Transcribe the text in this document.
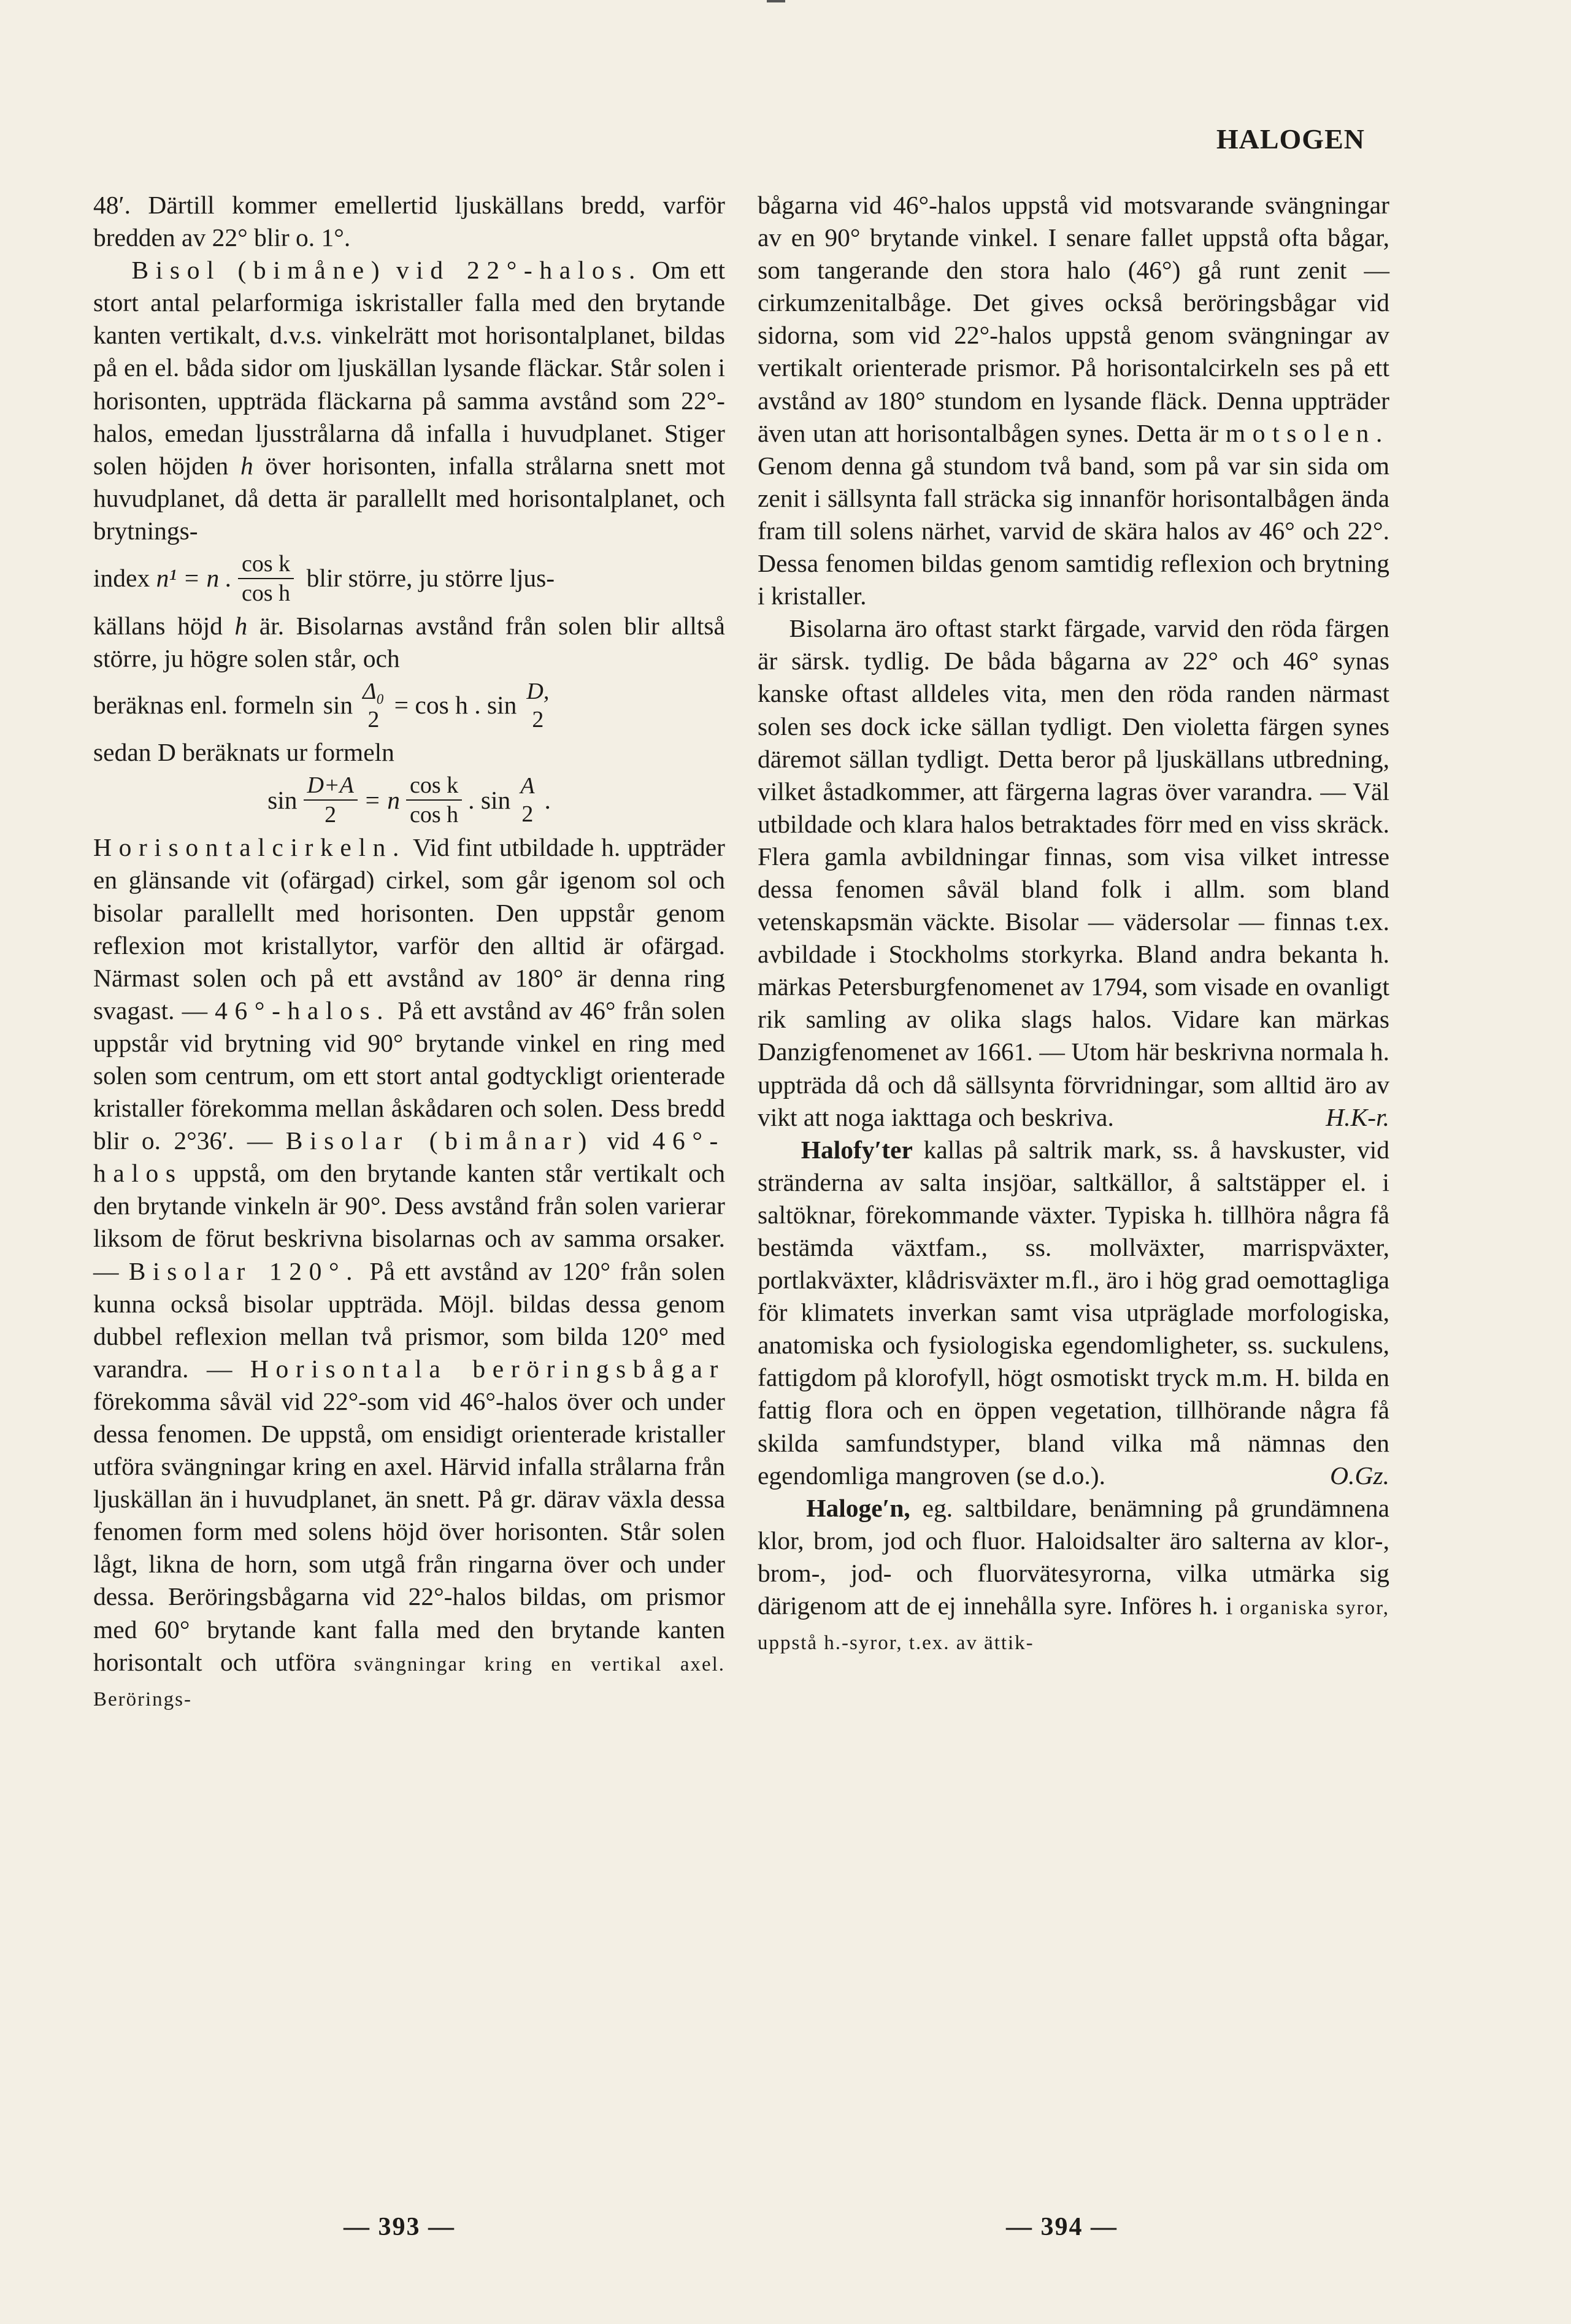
HALOGEN

48′. Därtill kommer emellertid ljuskällans bredd, varför bredden av 22° blir o. 1°.

Bisol (bimåne) vid 22°-halos. Om ett stort antal pelarformiga iskristaller falla med den brytande kanten vertikalt, d.v.s. vinkelrätt mot horisontalplanet, bildas på en el. båda sidor om ljuskällan lysande fläckar. Står solen i horisonten, uppträda fläckarna på samma avstånd som 22°-halos, emedan ljusstrålarna då infalla i huvudplanet. Stiger solen höjden h över horisonten, infalla strålarna snett mot huvudplanet, då detta är parallellt med horisontalplanet, och brytnings-

index n¹ = n . $\frac{\text{cos k}}{\text{cos h}}$ blir större, ju större ljus-

källans höjd h är. Bisolarnas avstånd från solen blir alltså större, ju högre solen står, och

beräknas enl. formeln sin Δ₀
2
= cos h . sin D,
2

sedan D beräknats ur formeln

$\sin \frac{D+A}{2} = n \frac{\text{cos k}}{\text{cos h}}$ . sin A
2
.

Horisontalcirkeln. Vid fint utbildade h. uppträder en glänsande vit (ofärgad) cirkel, som går igenom sol och bisolar parallellt med horisonten. Den uppstår genom reflexion mot kristallytor, varför den alltid är ofärgad. Närmast solen och på ett avstånd av 180° är denna ring svagast. — 46°-halos. På ett avstånd av 46° från solen uppstår vid brytning vid 90° brytande vinkel en ring med solen som centrum, om ett stort antal godtyckligt orienterade kristaller förekomma mellan åskådaren och solen. Dess bredd blir o. 2°36′. — Bisolar (bimånar) vid 46°-halos uppstå, om den brytande kanten står vertikalt och den brytande vinkeln är 90°. Dess avstånd från solen varierar liksom de förut beskrivna bisolarnas och av samma orsaker. — Bisolar 120°. På ett avstånd av 120° från solen kunna också bisolar uppträda. Möjl. bildas dessa genom dubbel reflexion mellan två prismor, som bilda 120° med varandra. — Horisontala beröringsbågar förekomma såväl vid 22°-som vid 46°-halos över och under dessa fenomen. De uppstå, om ensidigt orienterade kristaller utföra svängningar kring en axel. Härvid infalla strålarna från ljuskällan än i huvudplanet, än snett. På gr. därav växla dessa fenomen form med solens höjd över horisonten. Står solen lågt, likna de horn, som utgå från ringarna över och under dessa. Beröringsbågarna vid 22°-halos bildas, om prismor med 60° brytande kant falla med den brytande kanten horisontalt och utföra svängningar kring en vertikal axel. Berörings-

bågarna vid 46°-halos uppstå vid motsvarande svängningar av en 90° brytande vinkel. I senare fallet uppstå ofta bågar, som tangerande den stora halo (46°) gå runt zenit — cirkumzenitalbåge. Det gives också beröringsbågar vid sidorna, som vid 22°-halos uppstå genom svängningar av vertikalt orienterade prismor. På horisontalcirkeln ses på ett avstånd av 180° stundom en lysande fläck. Denna uppträder även utan att horisontalbågen synes. Detta är motsolen. Genom denna gå stundom två band, som på var sin sida om zenit i sällsynta fall sträcka sig innanför horisontalbågen ända fram till solens närhet, varvid de skära halos av 46° och 22°. Dessa fenomen bildas genom samtidig reflexion och brytning i kristaller.

Bisolarna äro oftast starkt färgade, varvid den röda färgen är särsk. tydlig. De båda bågarna av 22° och 46° synas kanske oftast alldeles vita, men den röda randen närmast solen ses dock icke sällan tydligt. Den violetta färgen synes däremot sällan tydligt. Detta beror på ljuskällans utbredning, vilket åstadkommer, att färgerna lagras över varandra. — Väl utbildade och klara halos betraktades förr med en viss skräck. Flera gamla avbildningar finnas, som visa vilket intresse dessa fenomen såväl bland folk i allm. som bland vetenskapsmän väckte. Bisolar — vädersolar — finnas t.ex. avbildade i Stockholms storkyrka. Bland andra bekanta h. märkas Petersburgfenomenet av 1794, som visade en ovanligt rik samling av olika slags halos. Vidare kan märkas Danzigfenomenet av 1661. — Utom här beskrivna normala h. uppträda då och då sällsynta förvridningar, som alltid äro av vikt att noga iakttaga och beskriva.	H.K-r.

Halofy′ter kallas på saltrik mark, ss. å havskuster, vid stränderna av salta insjöar, saltkällor, å saltstäpper el. i saltöknar, förekommande växter. Typiska h. tillhöra några få bestämda växtfam., ss. mollväxter, marrispväxter, portlakväxter, klådrisväxter m.fl., äro i hög grad oemottagliga för klimatets inverkan samt visa utpräglade morfologiska, anatomiska och fysiologiska egendomligheter, ss. suckulens, fattigdom på klorofyll, högt osmotiskt tryck m.m. H. bilda en fattig flora och en öppen vegetation, tillhörande några få skilda samfundstyper, bland vilka må nämnas den egendomliga mangroven (se d.o.).	O.Gz.

Haloge′n, eg. saltbildare, benämning på grundämnena klor, brom, jod och fluor. Haloidsalter äro salterna av klor-, brom-, jod- och fluorvätesyrorna, vilka utmärka sig därigenom att de ej innehålla syre. Införes h. i organiska syror, uppstå h.-syror, t.ex. av ättik-

— 393 —	— 394 —
